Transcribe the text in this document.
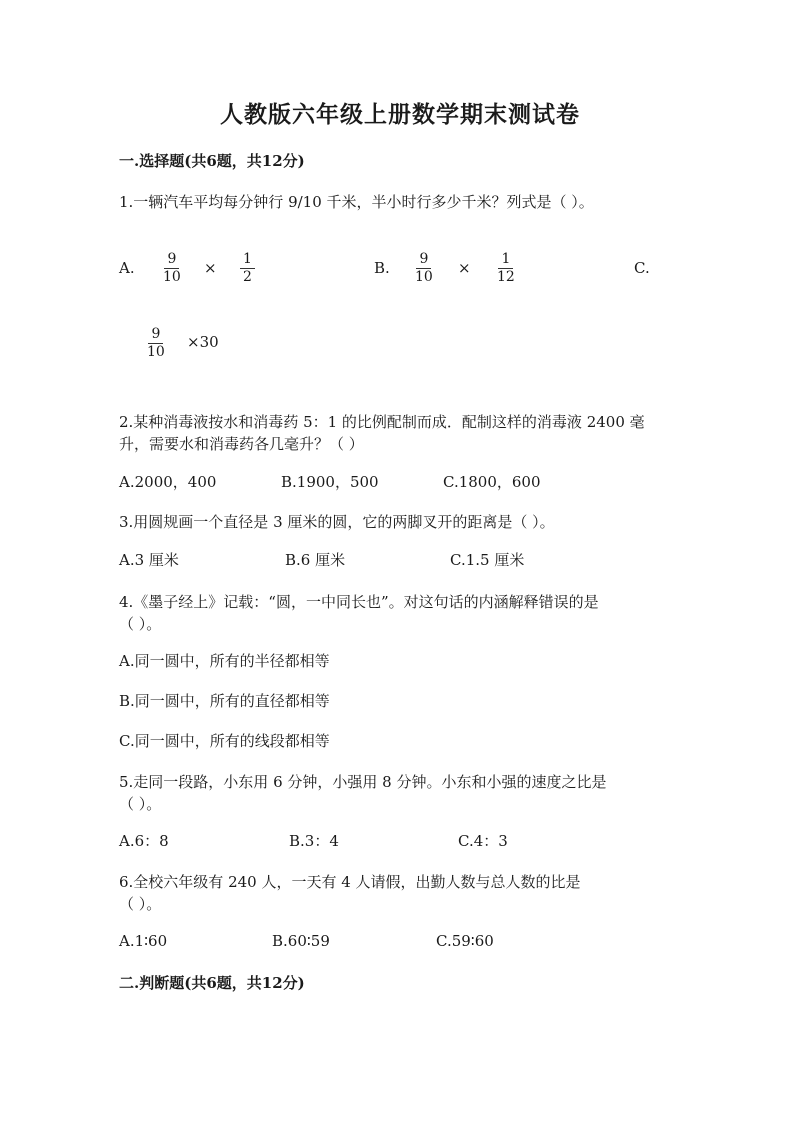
人教版六年级上册数学期末测试卷
一.选择题(共6题，共12分)
1.一辆汽车平均每分钟行 9/10 千米，半小时行多少千米？列式是（ ）。
A. $\frac{9}{10} \times \frac{1}{2}$	B. $\frac{9}{10} \times \frac{1}{12}$	C.
$\frac{9}{10} \times 30$
2.某种消毒液按水和消毒药 5：1 的比例配制而成．配制这样的消毒液 2400 毫
升，需要水和消毒药各几毫升？（ ）
A.2000，400	B.1900，500	C.1800，600
3.用圆规画一个直径是 3 厘米的圆，它的两脚叉开的距离是（ ）。
A.3 厘米	B.6 厘米	C.1.5 厘米
4.《墨子经上》记载：“圆，一中同长也”。对这句话的内涵解释错误的是
（ ）。
A.同一圆中，所有的半径都相等
B.同一圆中，所有的直径都相等
C.同一圆中，所有的线段都相等
5.走同一段路，小东用 6 分钟，小强用 8 分钟。小东和小强的速度之比是
（ ）。
A.6：8	B.3：4	C.4：3
6.全校六年级有 240 人，一天有 4 人请假，出勤人数与总人数的比是
（ ）。
A.1∶60	B.60∶59	C.59∶60
二.判断题(共6题，共12分)
